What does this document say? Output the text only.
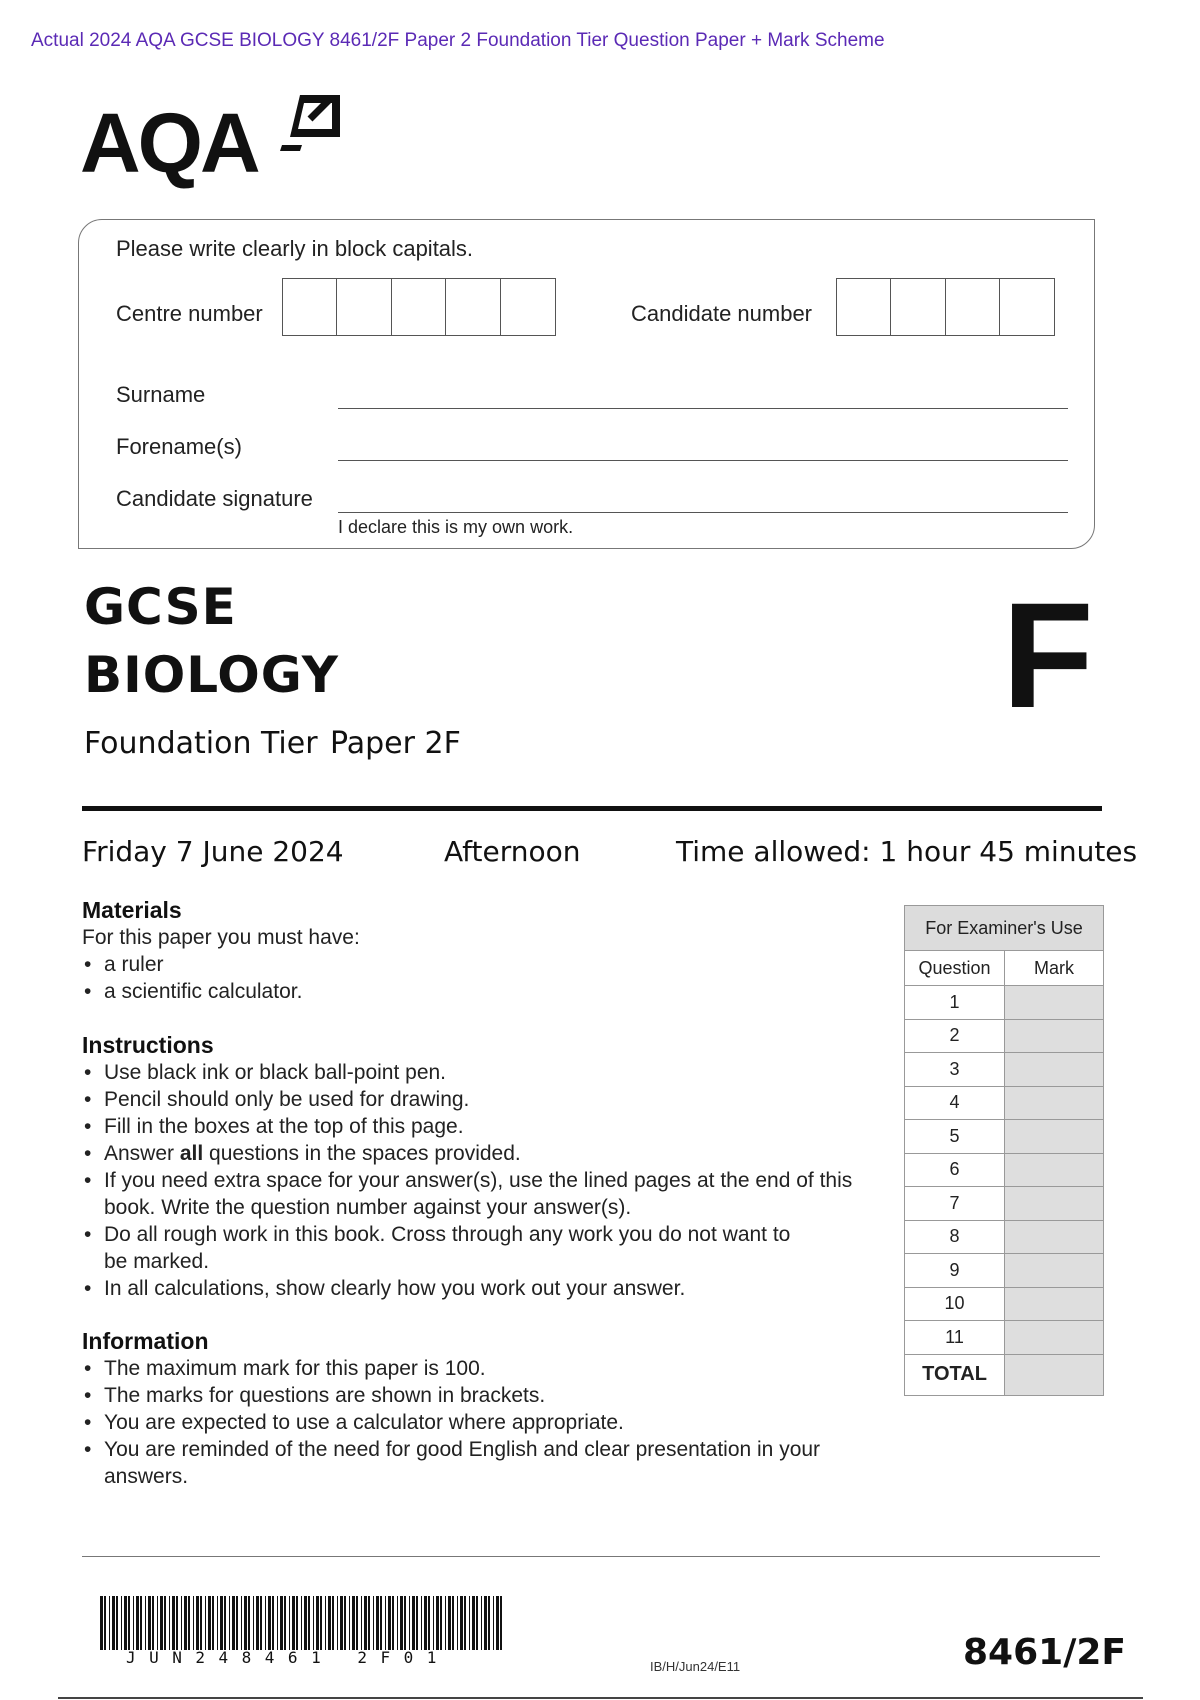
Actual 2024 AQA GCSE BIOLOGY 8461/2F Paper 2 Foundation Tier Question Paper + Mark Scheme
AQA
Please write clearly in block capitals.
Centre number	Candidate number
Surname
Forename(s)
Candidate signature
I declare this is my own work.
GCSE
BIOLOGY
Foundation Tier Paper 2F
F
Friday 7 June 2024	Afternoon	Time allowed: 1 hour 45 minutes
Materials

For this paper you must have:

• a ruler
• a scientific calculator.
Instructions
• Use black ink or black ball-point pen.
• Pencil should only be used for drawing.
• Fill in the boxes at the top of this page.
• Answer all questions in the spaces provided.
• If you need extra space for your answer(s), use the lined pages at the end of this book. Write the question number against your answer(s).
• Do all rough work in this book. Cross through any work you do not want to be marked.
• In all calculations, show clearly how you work out your answer.
Information
• The maximum mark for this paper is 100.
• The marks for questions are shown in brackets.
• You are expected to use a calculator where appropriate.
• You are reminded of the need for good English and clear presentation in your answers.
For Examiner's Use	
Question	Mark
1	
2	
3	
4	
5	
6	
7	
8	
9	
10	
11	
TOTAL	
JUN248461 2F01	IB/H/Jun24/E11	8461/2F
